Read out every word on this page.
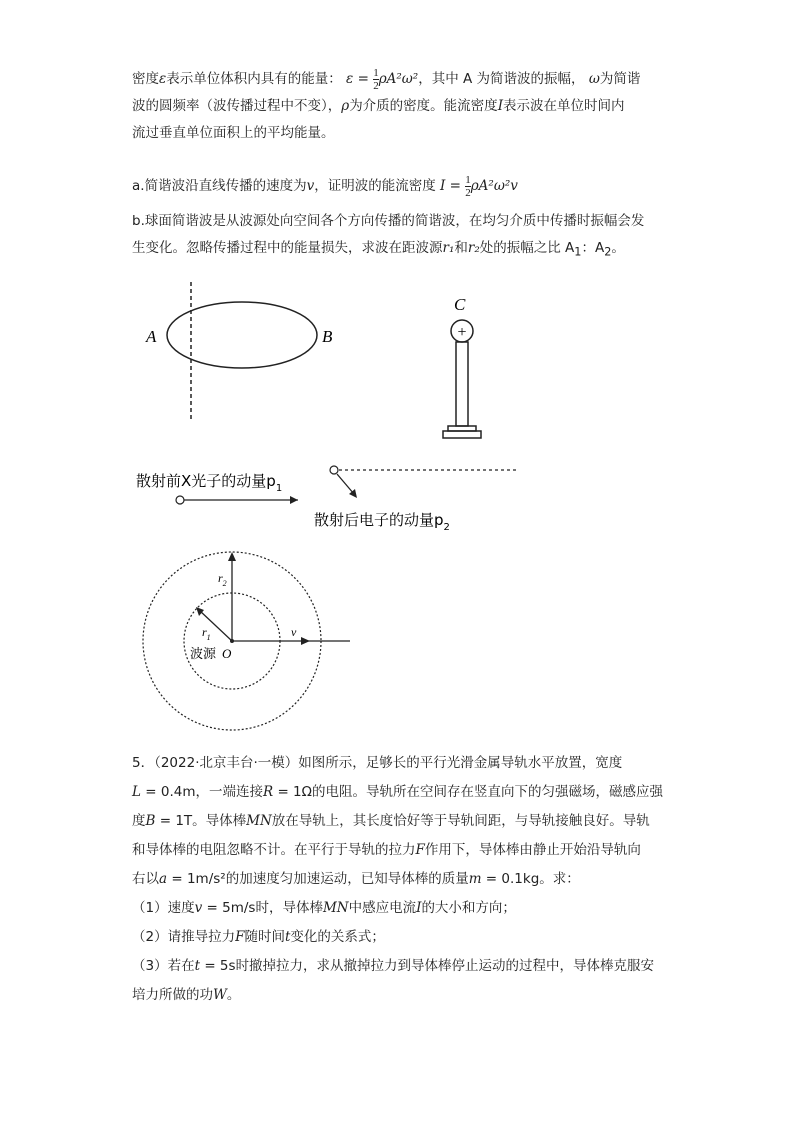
密度ε表示单位体积内具有的能量： $\varepsilon = \frac{1}{2} \rho A^2\omega^2$，其中 A 为简谐波的振幅， ω为简谐
波的圆频率（波传播过程中不变），ρ为介质的密度。能流密度I表示波在单位时间内
流过垂直单位面积上的平均能量。
a.简谐波沿直线传播的速度为v，证明波的能流密度 $I = \frac{1}{2} \rho A^2\omega^2v$
b.球面简谐波是从波源处向空间各个方向传播的简谐波，在均匀介质中传播时振幅会发
生变化。忽略传播过程中的能量损失，求波在距波源r₁和r₂处的振幅之比 $A_1$：$A_2$。
A	B
C
+
散射前X光子的动量$p_1$
散射后电子的动量$p_2$
$r_2$
$r_1$	v
波源 O
5．（2022·北京丰台·一模）如图所示，足够长的平行光滑金属导轨水平放置，宽度
L = 0.4m，一端连接R = 1Ω的电阻。导轨所在空间存在竖直向下的匀强磁场，磁感应强
度B = 1T。导体棒MN放在导轨上，其长度恰好等于导轨间距，与导轨接触良好。导轨
和导体棒的电阻忽略不计。在平行于导轨的拉力F作用下，导体棒由静止开始沿导轨向
右以a = 1m/s²的加速度匀加速运动，已知导体棒的质量m = 0.1kg。求：
（1）速度v = 5m/s时，导体棒MN中感应电流I的大小和方向；
（2）请推导拉力F随时间t变化的关系式；
（3）若在t = 5s时撤掉拉力，求从撤掉拉力到导体棒停止运动的过程中，导体棒克服安
培力所做的功W。
